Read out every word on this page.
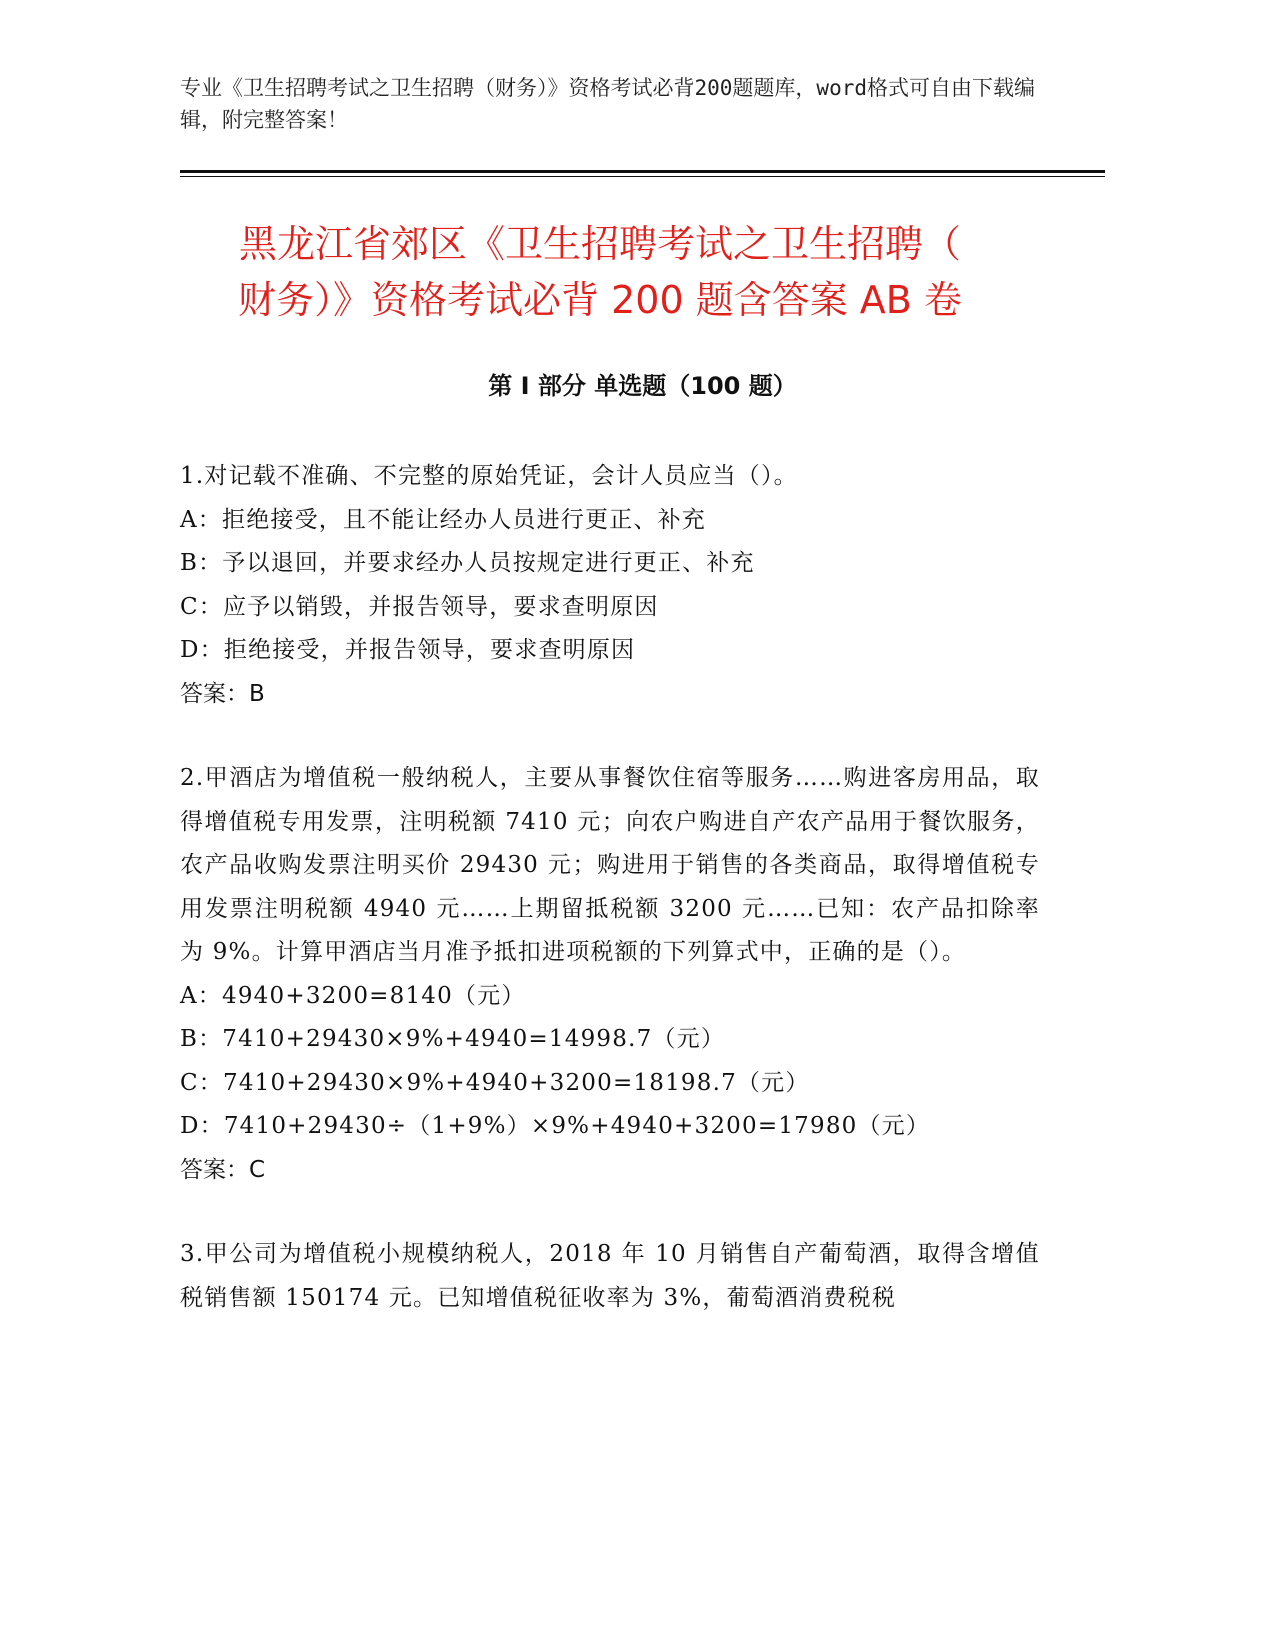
专业《卫生招聘考试之卫生招聘（财务）》资格考试必背200题题库，word格式可自由下载编辑，附完整答案！
黑龙江省郊区《卫生招聘考试之卫生招聘（
财务）》资格考试必背 200 题含答案 AB 卷
第 I 部分 单选题（100 题）

1.对记载不准确、不完整的原始凭证，会计人员应当（）。

A：拒绝接受，且不能让经办人员进行更正、补充

B：予以退回，并要求经办人员按规定进行更正、补充

C：应予以销毁，并报告领导，要求查明原因

D：拒绝接受，并报告领导，要求查明原因

答案：B

2.甲酒店为增值税一般纳税人，主要从事餐饮住宿等服务……购进客房用品，取得增值税专用发票，注明税额 7410 元；向农户购进自产农产品用于餐饮服务，农产品收购发票注明买价 29430 元；购进用于销售的各类商品，取得增值税专用发票注明税额 4940 元……上期留抵税额 3200 元……已知：农产品扣除率为 9%。计算甲酒店当月准予抵扣进项税额的下列算式中，正确的是（）。

A：4940+3200=8140（元）

B：7410+29430×9%+4940=14998.7（元）

C：7410+29430×9%+4940+3200=18198.7（元）

D：7410+29430÷（1+9%）×9%+4940+3200=17980（元）

答案：C

3.甲公司为增值税小规模纳税人，2018 年 10 月销售自产葡萄酒，取得含增值税销售额 150174 元。已知增值税征收率为 3%，葡萄酒消费税税
